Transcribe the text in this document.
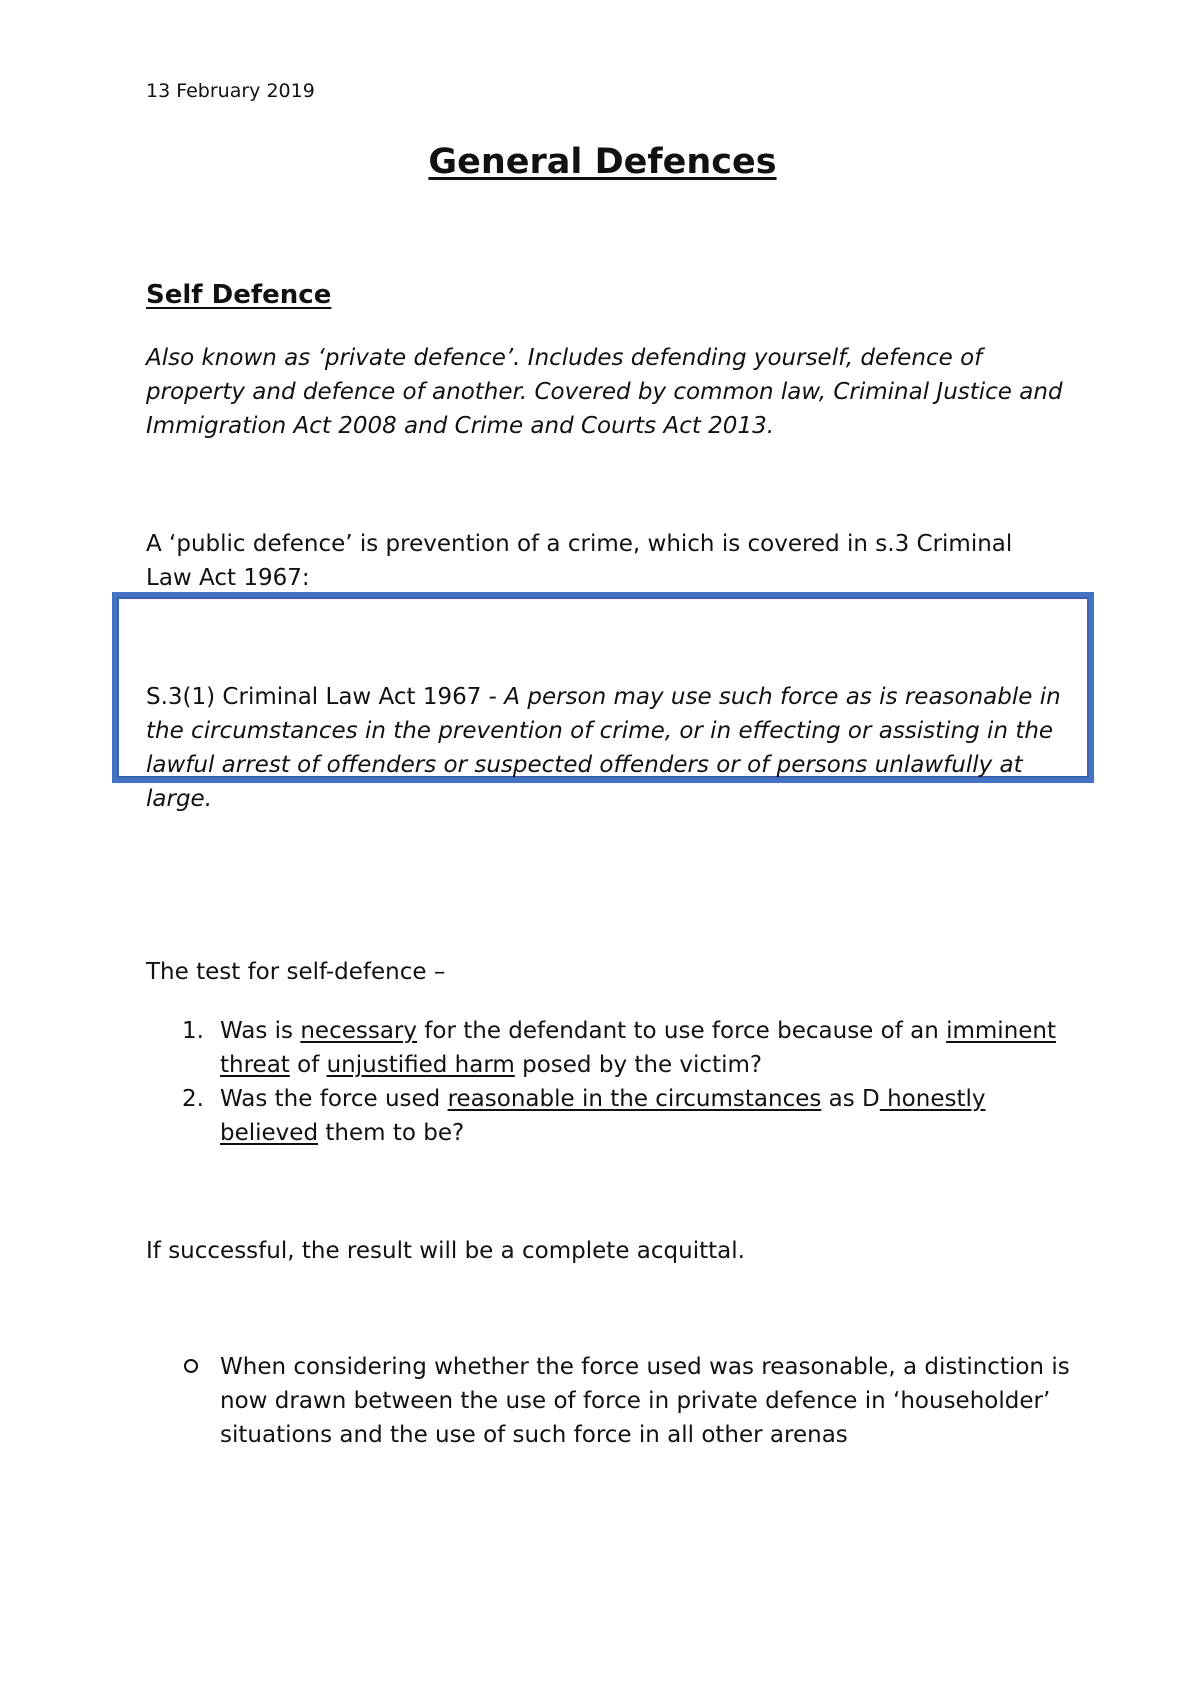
13 February 2019
General Defences
Self Defence
Also known as ‘private defence’. Includes defending yourself, defence of property and defence of another. Covered by common law, Criminal Justice and Immigration Act 2008 and Crime and Courts Act 2013.
A ‘public defence’ is prevention of a crime, which is covered in s.3 Criminal Law Act 1967:
S.3(1) Criminal Law Act 1967 - A person may use such force as is reasonable in the circumstances in the prevention of crime, or in effecting or assisting in the lawful arrest of offenders or suspected offenders or of persons unlawfully at large.
The test for self-defence –
1. Was is necessary for the defendant to use force because of an imminent threat of unjustified harm posed by the victim?
2. Was the force used reasonable in the circumstances as D honestly believed them to be?
If successful, the result will be a complete acquittal.
When considering whether the force used was reasonable, a distinction is now drawn between the use of force in private defence in ‘householder’ situations and the use of such force in all other arenas
